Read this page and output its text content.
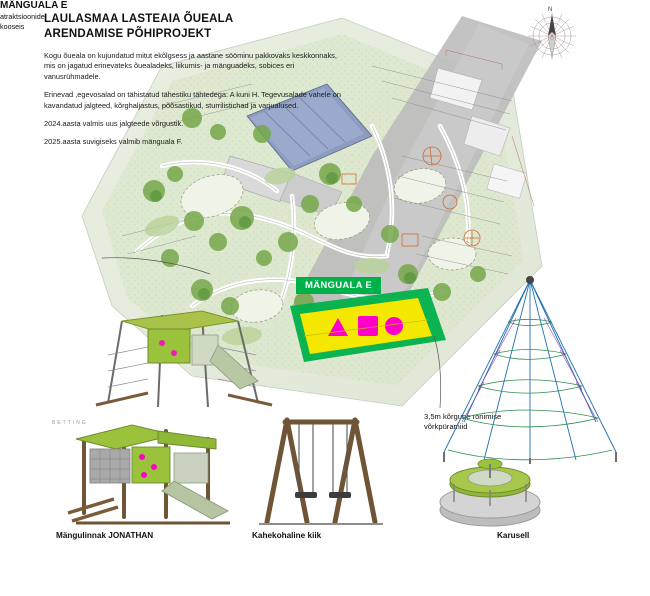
N
LAULASMAA LASTEAIA ÕUEALA
ARENDAMISE PÕHIPROJEKT

Kogu õueala on kujundatud mitut ekõlgsess ja aastane sööminu pakkovaks keskkonnaks, mis on jagatud erinevateks õuealadeks, liikumis- ja mänguadeks, sobices eri vanusrühmadele.

Erinevad ,egevosalad on tähistatud tähestiku tähtedega: A kuni H. Tegevusalade vahele on kavandatud jalgteed, kõrghaljastus, põõsastikud, sturrilistichad ja varjualused.

2024.aasta valmis uus jalgteede võrgustik.

2025.aasta suvigiseks valmib mänguala F.

MÄNGUALA E
atraktsioonide
kooseis
MÄNGUALA E
3,5m kõrgune ronimise
võrkpüramiid
BETTING
Mängulinnak JONATHAN	Kahekohaline kiik	Karusell
